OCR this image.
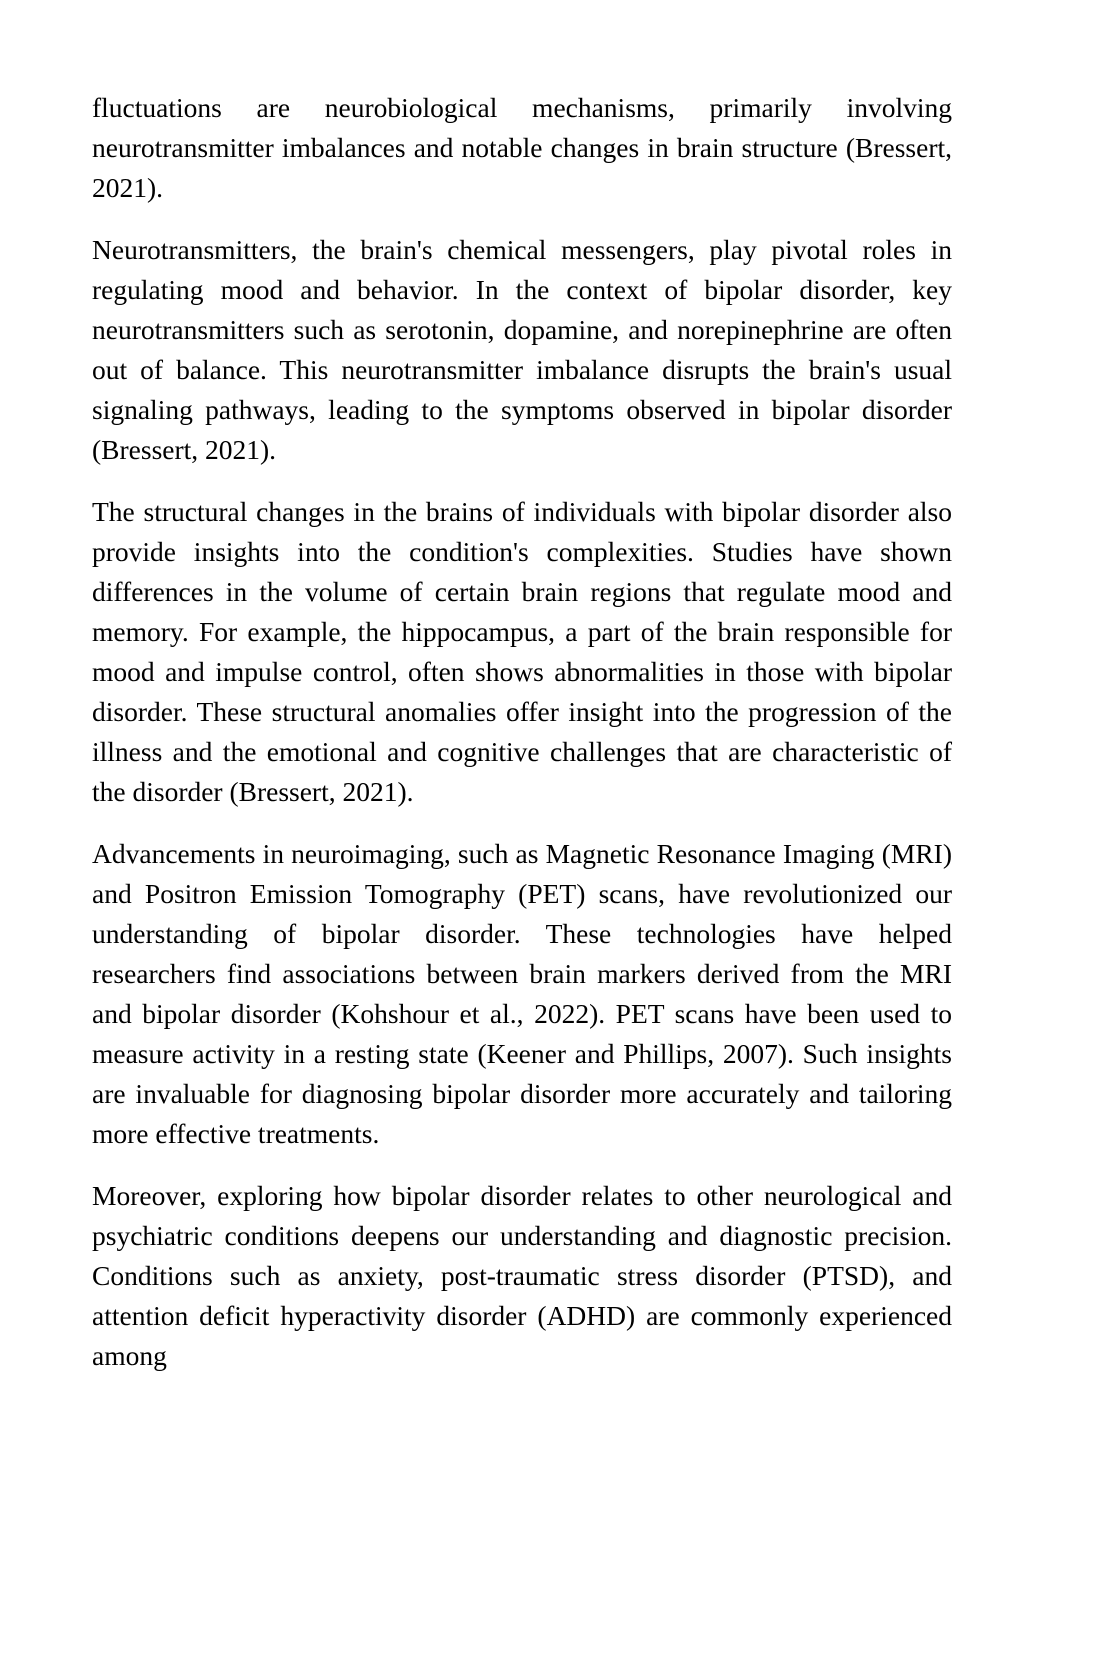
fluctuations are neurobiological mechanisms, primarily involving neurotransmitter imbalances and notable changes in brain structure (Bressert, 2021).

Neurotransmitters, the brain's chemical messengers, play pivotal roles in regulating mood and behavior. In the context of bipolar disorder, key neurotransmitters such as serotonin, dopamine, and norepinephrine are often out of balance. This neurotransmitter imbalance disrupts the brain's usual signaling pathways, leading to the symptoms observed in bipolar disorder (Bressert, 2021).

The structural changes in the brains of individuals with bipolar disorder also provide insights into the condition's complexities. Studies have shown differences in the volume of certain brain regions that regulate mood and memory. For example, the hippocampus, a part of the brain responsible for mood and impulse control, often shows abnormalities in those with bipolar disorder. These structural anomalies offer insight into the progression of the illness and the emotional and cognitive challenges that are characteristic of the disorder (Bressert, 2021).

Advancements in neuroimaging, such as Magnetic Resonance Imaging (MRI) and Positron Emission Tomography (PET) scans, have revolutionized our understanding of bipolar disorder. These technologies have helped researchers find associations between brain markers derived from the MRI and bipolar disorder (Kohshour et al., 2022). PET scans have been used to measure activity in a resting state (Keener and Phillips, 2007). Such insights are invaluable for diagnosing bipolar disorder more accurately and tailoring more effective treatments.

Moreover, exploring how bipolar disorder relates to other neurological and psychiatric conditions deepens our understanding and diagnostic precision. Conditions such as anxiety, post-traumatic stress disorder (PTSD), and attention deficit hyperactivity disorder (ADHD) are commonly experienced among
